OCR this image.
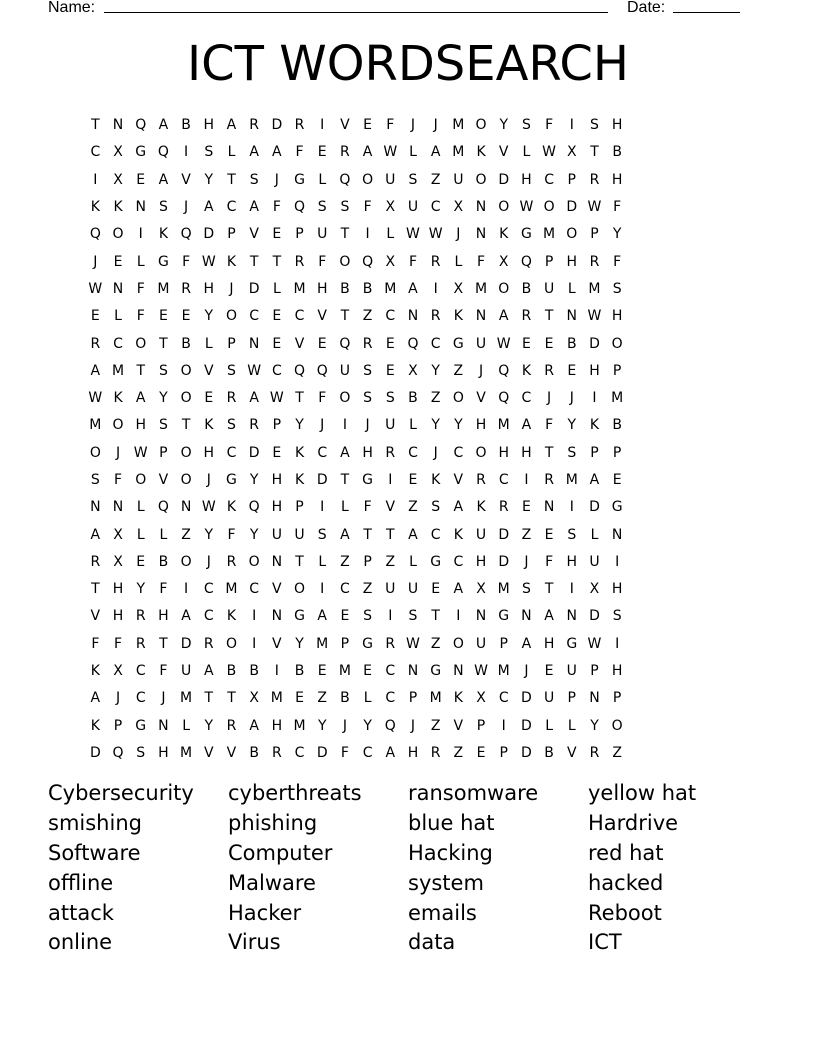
Name:	Date:
ICT WORDSEARCH
T N Q A B H A R D R	I	V E	F	J	J	M O Y S	F	I	S H
C X G Q	I	S	L A A F	E R A W L A M K V	L W X T B
I	X E A V Y	T S	J	G L Q O U S Z U O D H C P R H
K K N S	J	A C A F Q S S	F X U C X N O W O D W F
Q O	I	K Q D P V E	P U T	I	L W W J	N K G M O P	Y
J	E	L G F W K T	T R F O Q X F R L	F X Q P H R F
W N F M R H	J	D L M H B B M A	I	X M O B U L M S
E	L	F	E E Y O C E C V T Z C N R K N A R T N W H
R C O T B L	P N E V E Q R E Q C G U W E E B D O
A M T S O V S W C Q Q U S E X Y Z	J	Q K R E H P
W K A Y O E R A W T	F O S S B Z O V Q C	J	J	I	M
M O H S T K S R P	Y	J	I	J	U L	Y	Y H M A F	Y K B
O	J W P O H C D E K C A H R C	J	C O H H T S	P	P
S	F O V O	J	G Y H K D T G	I	E K V R C	I	R M A E
N N L Q N W K Q H P	I	L	F V Z S A K R E N	I	D G
A X L	L Z Y	F	Y U U S A T	T A C K U D Z E S	L N
R X E B O	J	R O N T	L Z P Z L G C H D	J	F H U	I
T H Y	F	I	C M C V O	I	C Z U U E A X M S T	I	X H
V H R H A C K	I	N G A E S	I	S T	I	N G N A N D S
F	F R T D R O	I	V Y M P G R W Z O U P A H G W I
K X C F U A B B	I	B E M E C N G N W M	J	E U P H
A	J	C	J	M T	T X M E Z B L C P M K X C D U P N P
K P G N L	Y R A H M Y	J	Y Q	J	Z V P	I	D L	L	Y O
D Q S H M V V B R C D F C A H R Z E	P D B V R Z
Cybersecurity	cyberthreats	ransomware	yellow hat
smishing	phishing	blue hat	Hardrive
Software	Computer	Hacking	red hat
offline	Malware	system	hacked
attack	Hacker	emails	Reboot
online	Virus	data	ICT
